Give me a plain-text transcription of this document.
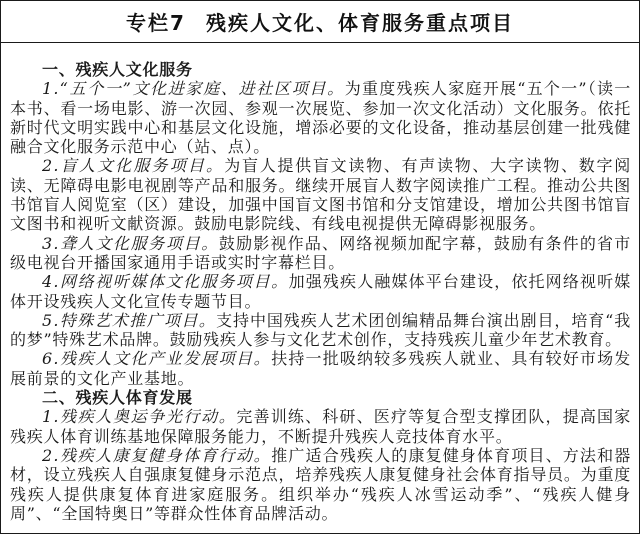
专栏7 残疾人文化、体育服务重点项目

一、残疾人文化服务

1.“五个一”文化进家庭、进社区项目。为重度残疾人家庭开展“五个一”（读一本书、看一场电影、游一次园、参观一次展览、参加一次文化活动）文化服务。依托新时代文明实践中心和基层文化设施，增添必要的文化设备，推动基层创建一批残健融合文化服务示范中心（站、点）。

2.盲人文化服务项目。为盲人提供盲文读物、有声读物、大字读物、数字阅读、无障碍电影电视剧等产品和服务。继续开展盲人数字阅读推广工程。推动公共图书馆盲人阅览室（区）建设，加强中国盲文图书馆和分支馆建设，增加公共图书馆盲文图书和视听文献资源。鼓励电影院线、有线电视提供无障碍影视服务。

3.聋人文化服务项目。鼓励影视作品、网络视频加配字幕，鼓励有条件的省市级电视台开播国家通用手语或实时字幕栏目。

4.网络视听媒体文化服务项目。加强残疾人融媒体平台建设，依托网络视听媒体开设残疾人文化宣传专题节目。

5.特殊艺术推广项目。支持中国残疾人艺术团创编精品舞台演出剧目，培育“我的梦”特殊艺术品牌。鼓励残疾人参与文化艺术创作，支持残疾儿童少年艺术教育。

6.残疾人文化产业发展项目。扶持一批吸纳较多残疾人就业、具有较好市场发展前景的文化产业基地。

二、残疾人体育发展

1.残疾人奥运争光行动。完善训练、科研、医疗等复合型支撑团队，提高国家残疾人体育训练基地保障服务能力，不断提升残疾人竞技体育水平。

2.残疾人康复健身体育行动。推广适合残疾人的康复健身体育项目、方法和器材，设立残疾人自强康复健身示范点，培养残疾人康复健身社会体育指导员。为重度残疾人提供康复体育进家庭服务。组织举办“残疾人冰雪运动季”、“残疾人健身周”、“全国特奥日”等群众性体育品牌活动。
